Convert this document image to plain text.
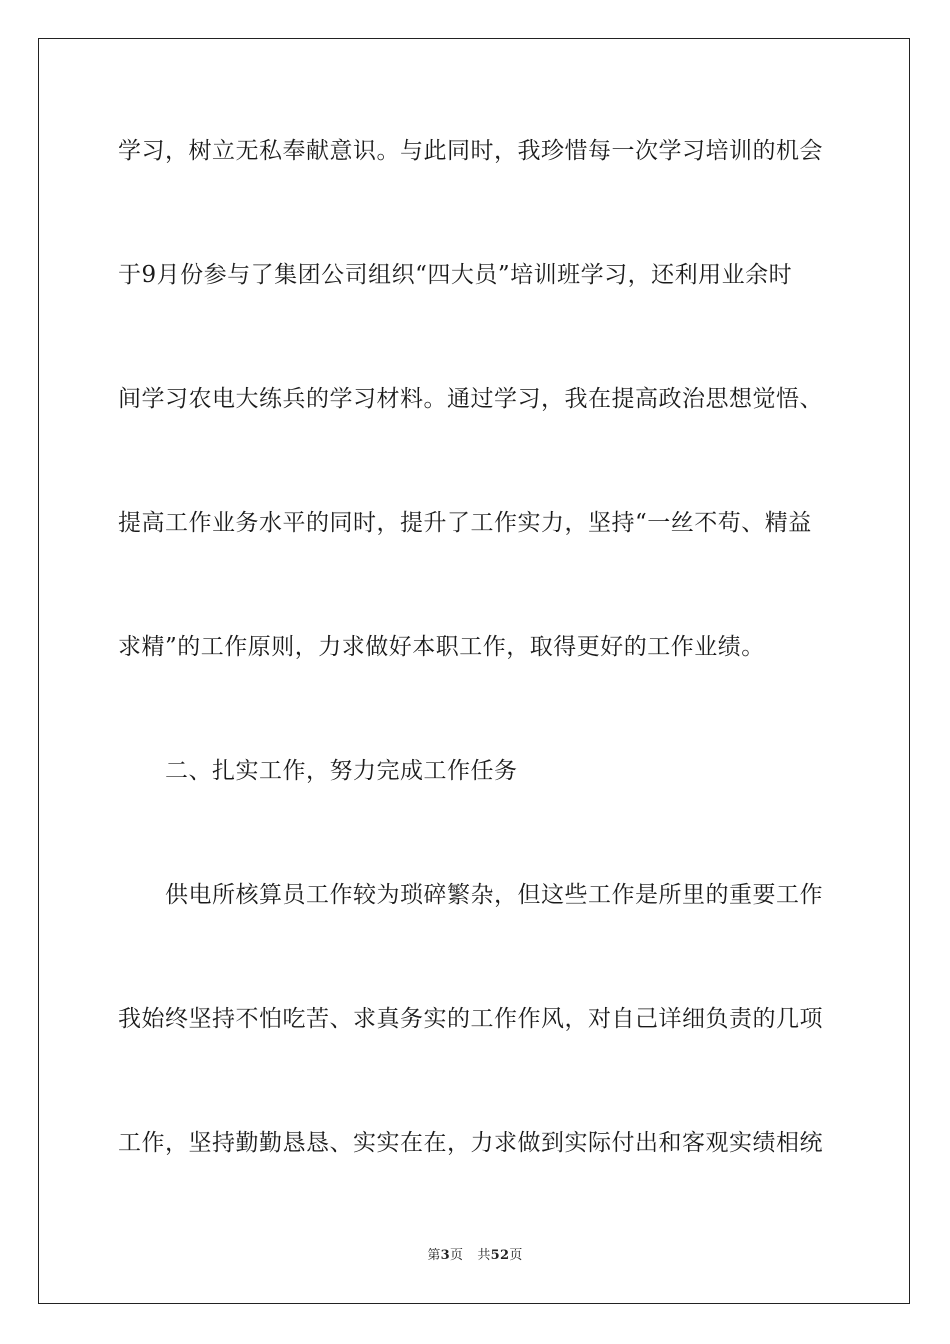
学习，树立无私奉献意识。与此同时，我珍惜每一次学习培训的机会
于9月份参与了集团公司组织“四大员”培训班学习，还利用业余时
间学习农电大练兵的学习材料。通过学习，我在提高政治思想觉悟、
提高工作业务水平的同时，提升了工作实力，坚持“一丝不苟、精益
求精”的工作原则，力求做好本职工作，取得更好的工作业绩。
二、扎实工作，努力完成工作任务
供电所核算员工作较为琐碎繁杂，但这些工作是所里的重要工作
我始终坚持不怕吃苦、求真务实的工作作风，对自己详细负责的几项
工作，坚持勤勤恳恳、实实在在，力求做到实际付出和客观实绩相统
第3页 共52页
